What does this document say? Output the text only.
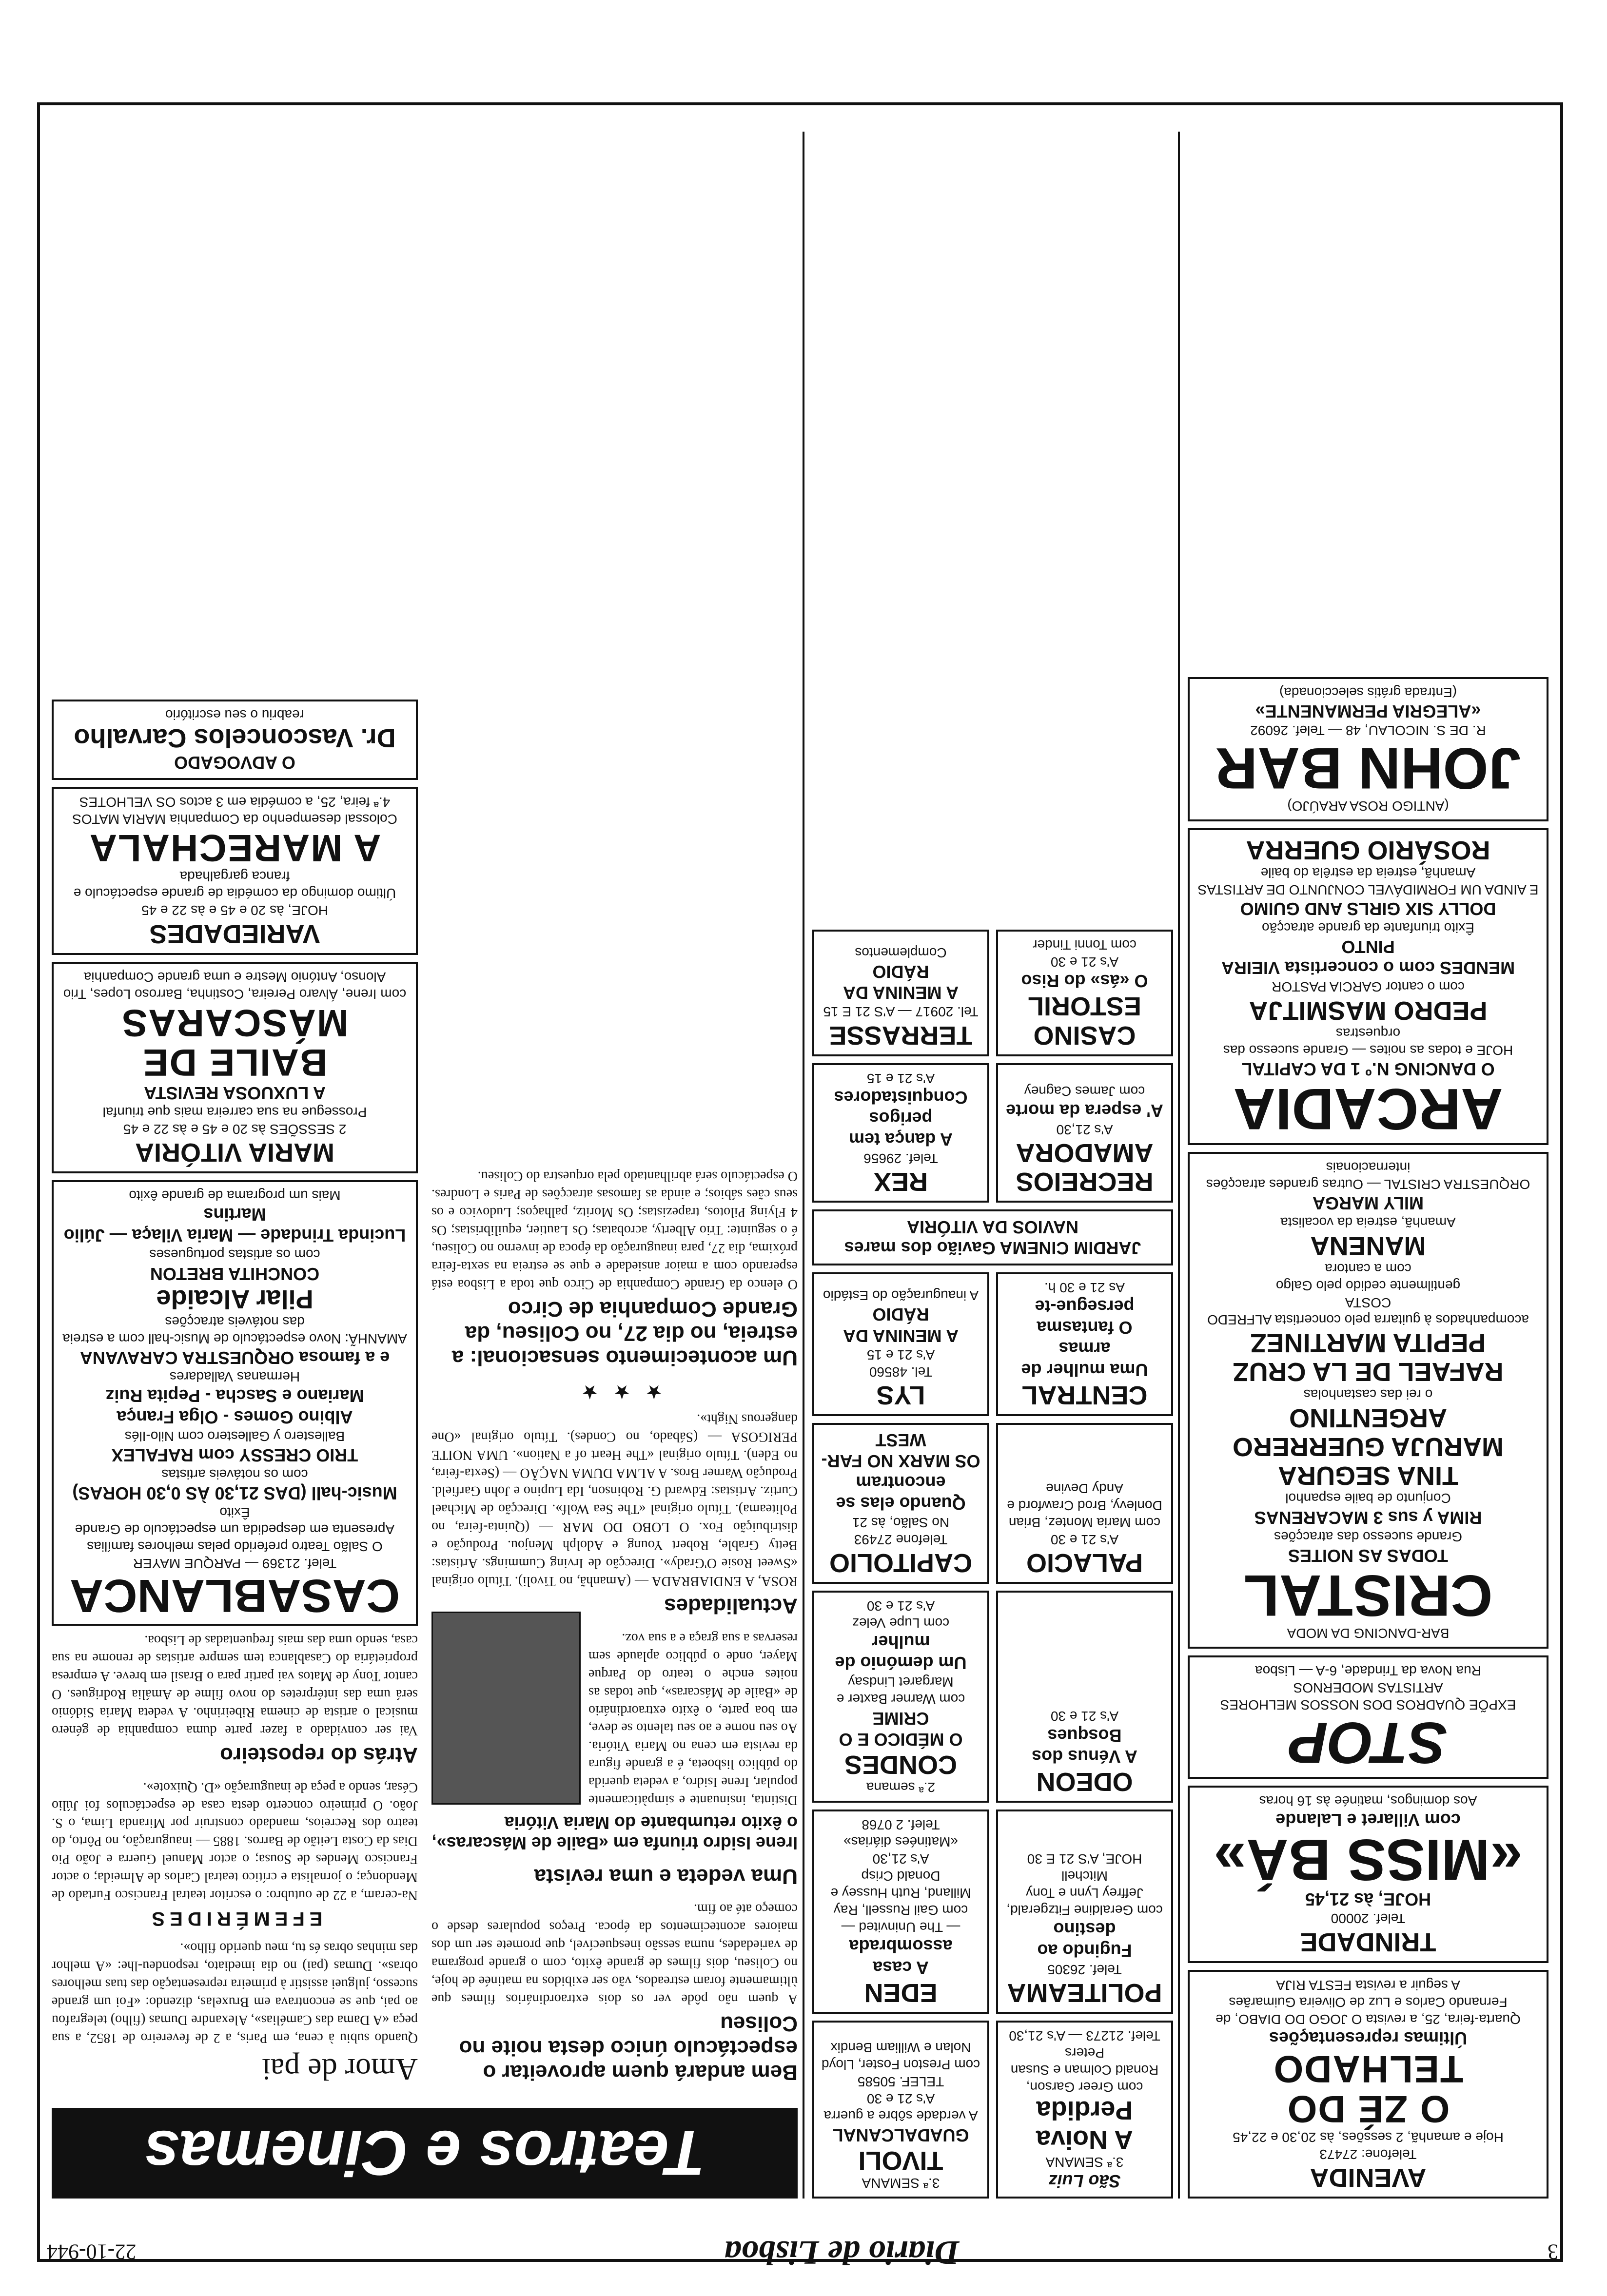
3
Diario de Lisboa
22-10-944
AVENIDA
Telefone: 27473
Hoje e amanhã, 2 sessões, às 20,30 e 22,45
O ZÉ DO TELHADO
Últimas representações
Quarta-feira, 25, a revista O JOGO DO DIABO, de Fernando Carlos e Luz de Oliveira Guimarães
A seguir a revista FESTA RIJA
TRINDADE
Telef. 20000
HOJE, às 21,45
«MISS BÁ»
com Villaret e Lalande
Aos domingos, matinée às 16 horas
STOP
EXPÕE QUADROS DOS NOSSOS MELHORES ARTISTAS MODERNOS
Rua Nova da Trindade, 6-A — Lisboa
BAR-DANCING DA MODA
CRISTAL
TODAS AS NOITES
Grande sucesso das atracções
RIMA y sus 3 MACARENAS
Conjunto de baile espanhol
TINA SEGURA
MARUJA GUERRERO
ARGENTINO
o rei das castanholas
RAFAEL DE LA CRUZ
PEPITA MARTINEZ
acompanhados à guitarra pelo concertista ALFREDO COSTA
gentilmente cedido pelo Galgo
com a cantora
MANENA
Amanhã, estreia da vocalista
MILY MARGA
ORQUESTRA CRISTAL — Outras grandes atracções internacionais
ARCADIA
O DANCING N.º 1 DA CAPITAL
HOJE e todas as noites — Grande sucesso das orquestras
PEDRO MASMITJA
com o cantor GARCIA PASTOR
MENDES com o concertista VIEIRA PINTO
Êxito triunfante da grande atracção
DOLLY SIX GIRLS AND GUIMO
E AINDA UM FORMIDÁVEL CONJUNTO DE ARTISTAS
Amanhã, estreia da estrêla do baile
ROSÁRIO GUERRA
(ANTIGO ROSA ARAÚJO)
JOHN BAR
R. DE S. NICOLAU, 48 — Telef. 26092
«ALEGRIA PERMANENTE»
(Entrada grátis seleccionada)
São Luiz
3.ª SEMANA
A Noiva Perdida
com Greer Garson, Ronald Colman e Susan Peters
Telef. 21273 — A's 21,30
3.ª SEMANA
TIVOLI
GUADALCANAL
A verdade sôbre a guerra
A's 21 e 30
TELEF. 50585
com Preston Foster, Lloyd Nolan e William Bendix
POLITEAMA
Telef. 26305
Fugindo ao destino
com Geraldine Fitzgerald, Jeffrey Lynn e Tony Mitchell
HOJE, A'S 21 E 30
EDEN
A casa assombrada
— The Uninvited —
com Gail Russell, Ray Milland, Ruth Hussey e Donald Crisp
A's 21,30
«Matinées diárias»
Telef. 2 0768
ODEON
A Vénus dos Bosques
A's 21 e 30
2.ª semana
CONDES
O MÉDICO E O CRIME
com Warner Baxter e Margaret Lindsay
Um demónio de mulher
com Lupe Velez
A's 21 e 30
PALACIO
A's 21 e 30
com Maria Montez, Brian Donlevy, Brod Crawford e Andy Devine
CAPITOLIO
Telefone 27493
No Salão, às 21
Quando elas se encontram
OS MARX NO FAR-WEST
CENTRAL
Uma mulher de armas
O fantasma persegue-te
As 21 e 30 h.
LYS
Tel. 48560
A's 21 e 15
A MENINA DA RÁDIO
A inauguração do Estádio
JARDIM CINEMA Gavião dos mares
NAVIOS DA VITÓRIA
RECREIOS AMADORA
A's 21,30
A' espera da morte
com James Cagney
REX
Telef. 29656
A dança tem perigos
Conquistadores
A's 21 e 15
CASINO ESTORIL
O «ás» do Riso
A's 21 e 30
com Tonni Tinder
TERRASSE
Tel. 20917 — A'S 21 E 15
A MENINA DA RÁDIO
Complementos
Teatros e Cinemas
Bem andará quem aproveitar o espectáculo único desta noite no Coliseu
A quem não pôde ver os dois extraordinários filmes que ùltimamente foram estreados, vão ser exibidos na matinée de hoje, no Coliseu, dois filmes de grande êxito, com o grande programa de variedades, numa sessão inesquecível, que promete ser um dos maiores acontecimentos da época. Preços populares desde o começo até ao fim.
Uma vedeta e uma revista
Irene Isidro triunfa em «Baile de Máscaras», o êxito retumbante do Maria Vitória
Distinta, insinuante e simpàticamente popular, Irene Isidro, a vedeta querida do público lisboeta, é a grande figura da revista em cena no Maria Vitória. Ao seu nome e ao seu talento se deve, em boa parte, o êxito extraordinário de «Baile de Máscaras», que todas as noites enche o teatro do Parque Mayer, onde o público aplaude sem reservas a sua graça e a sua voz.
Actualidades
ROSA, A ENDIABRADA — (Amanhã, no Tivoli). Título original «Sweet Rosie O'Grady». Direcção de Irving Cummings. Artistas: Betty Grable, Robert Young e Adolph Menjou. Produção e distribuição Fox. O LOBO DO MAR — (Quinta-feira, no Politeama). Título original «The Sea Wolf». Direcção de Michael Curtiz. Artistas: Edward G. Robinson, Ida Lupino e John Garfield. Produção Warner Bros. A ALMA DUMA NAÇÃO — (Sexta-feira, no Eden). Título original «The Heart of a Nation». UMA NOITE PERIGOSA — (Sábado, no Condes). Título original «One dangerous Night».
★★★
Um acontecimento sensacional: a estreia, no dia 27, no Coliseu, da Grande Companhia de Circo
O elenco da Grande Companhia de Circo que toda a Lisboa está esperando com a maior ansiedade e que se estreia na sexta-feira próxima, dia 27, para inauguração da época de inverno no Coliseu, é o seguinte: Trio Alberty, acrobatas; Os Lautier, equilibristas; Os 4 Flying Pilotos, trapezistas; Os Moritz, palhaços; Ludovico e os seus cães sábios; e ainda as famosas atracções de Paris e Londres. O espectáculo será abrilhantado pela orquestra do Coliseu.
Amor de pai
Quando subiu à cena, em Paris, a 2 de fevereiro de 1852, a sua peça «A Dama das Camélias», Alexandre Dumas (filho) telegrafou ao pai, que se encontrava em Bruxelas, dizendo: «Foi um grande sucesso, julguei assistir à primeira representação das tuas melhores obras». Dumas (pai) no dia imediato, respondeu-lhe: «A melhor das minhas obras és tu, meu querido filho».
EFEMÉRIDES
Na-ceram, a 22 de outubro: o escritor teatral Francisco Furtado de Mendonça; o jornalista e crítico teatral Carlos de Almeida; o actor Francisco Mendes de Sousa; o actor Manuel Guerra e João Pio Dias da Costa Leitão de Barros. 1885 — inauguração, no Pôrto, do teatro dos Recreios, mandado construir por Miranda Lima, o S. João. O primeiro concerto desta casa de espectáculos foi Júlio César, sendo a peça de inauguração «D. Quixote».
Atrás do reposteiro
Vai ser convidado a fazer parte duma companhia de género musical o artista de cinema Ribeirinho. A vedeta Maria Sidónio será uma das intérpretes do novo filme de Amália Rodrigues. O cantor Tony de Matos vai partir para o Brasil em breve. A empresa proprietária do Casablanca tem sempre artistas de renome na sua casa, sendo uma das mais frequentadas de Lisboa.
CASABLANCA
Telef. 21369 — PARQUE MAYER
O Salão Teatro preferido pelas melhores famílias
Apresenta em despedida um espectáculo de Grande Êxito
Music-hall (DAS 21,30 ÀS 0,30 HORAS)
com os notáveis artistas
TRIO CRESSY com RAFALEX
Ballestero y Gallestero com Nilo-Ilés
Albino Gomes - Olga França
Mariano e Sascha - Pepita Ruiz
Hermanas Valladares
e a famosa ORQUESTRA CARAVANA
AMANHÃ: Novo espectáculo de Music-hall com a estreia das notáveis atracções
Pilar Alcaide
CONCHITA BRETON
com os artistas portugueses
Lucinda Trindade — Maria Vilaça — Júlio Martins
Mais um programa de grande êxito
MARIA VITÓRIA
2 SESSÕES às 20 e 45 e às 22 e 45
Prossegue na sua carreira mais que triunfal
A LUXUOSA REVISTA
BAILE DE MÁSCARAS
com Irene, Álvaro Pereira, Costinha, Barroso Lopes, Trio Alonso, António Mestre e uma grande Companhia
VARIEDADES
HOJE, às 20 e 45 e às 22 e 45
Último domingo da comédia de grande espectáculo e franca gargalhada
A MARECHALA
Colossal desempenho da Companhia MARIA MATOS
4.ª feira, 25, a comédia em 3 actos OS VELHOTES
O ADVOGADO
Dr. Vasconcelos Carvalho
reabriu o seu escritório
